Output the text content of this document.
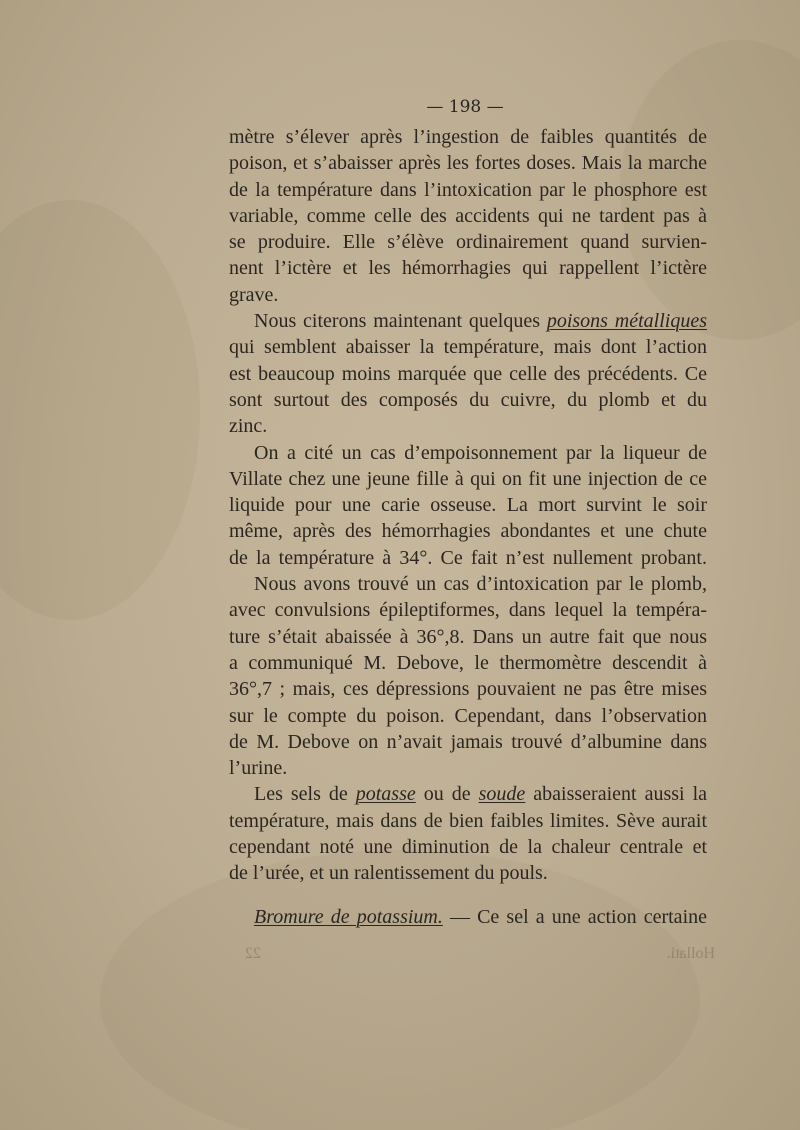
— 198 —

mètre s’élever après l’ingestion de faibles quantités de
poison, et s’abaisser après les fortes doses. Mais la marche
de la température dans l’intoxication par le phosphore est
variable, comme celle des accidents qui ne tardent pas à
se produire. Elle s’élève ordinairement quand survien-
nent l’ictère et les hémorrhagies qui rappellent l’ictère
grave.

Nous citerons maintenant quelques poisons métalliques
qui semblent abaisser la température, mais dont l’action
est beaucoup moins marquée que celle des précédents. Ce
sont surtout des composés du cuivre, du plomb et du
zinc.

On a cité un cas d’empoisonnement par la liqueur de
Villate chez une jeune fille à qui on fit une injection de ce
liquide pour une carie osseuse. La mort survint le soir
même, après des hémorrhagies abondantes et une chute
de la température à 34°. Ce fait n’est nullement probant.

Nous avons trouvé un cas d’intoxication par le plomb,
avec convulsions épileptiformes, dans lequel la tempéra-
ture s’était abaissée à 36°,8. Dans un autre fait que nous
a communiqué M. Debove, le thermomètre descendit à
36°,7 ; mais, ces dépressions pouvaient ne pas être mises
sur le compte du poison. Cependant, dans l’observation
de M. Debove on n’avait jamais trouvé d’albumine dans
l’urine.

Les sels de potasse ou de soude abaisseraient aussi la
température, mais dans de bien faibles limites. Sève aurait
cependant noté une diminution de la chaleur centrale et
de l’urée, et un ralentissement du pouls.

Bromure de potassium. — Ce sel a une action certaine

Hollati.
22
